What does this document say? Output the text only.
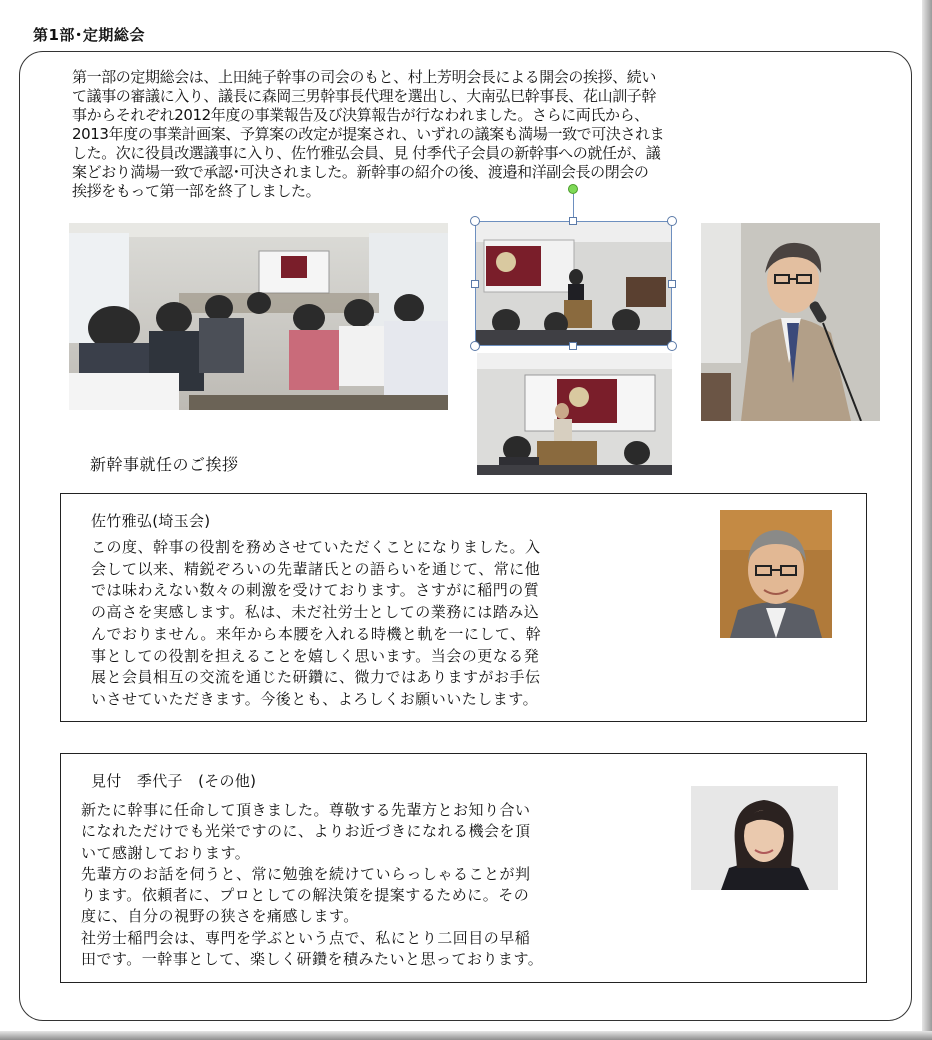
第1部･定期総会

第一部の定期総会は、上田純子幹事の司会のもと、村上芳明会長による開会の挨拶、続い

て議事の審議に入り、議長に森岡三男幹事長代理を選出し、大南弘巳幹事長、花山訓子幹

事からそれぞれ2012年度の事業報告及び決算報告が行なわれました。さらに両氏から、

2013年度の事業計画案、予算案の改定が提案され、いずれの議案も満場一致で可決されま

した。次に役員改選議事に入り、佐竹雅弘会員、見 付季代子会員の新幹事への就任が、議

案どおり満場一致で承認･可決されました。新幹事の紹介の後、渡邉和洋副会長の閉会の

挨拶をもって第一部を終了しました。

新幹事就任のご挨拶
佐竹雅弘(埼玉会)

この度、幹事の役割を務めさせていただくことになりました。入

会して以来、精鋭ぞろいの先輩諸氏との語らいを通じて、常に他

では味わえない数々の刺激を受けております。さすがに稲門の質

の高さを実感します。私は、未だ社労士としての業務には踏み込

んでおりません。来年から本腰を入れる時機と軌を一にして、幹

事としての役割を担えることを嬉しく思います。当会の更なる発

展と会員相互の交流を通じた研鑽に、微力ではありますがお手伝

いさせていただきます。今後とも、よろしくお願いいたします。

見付　季代子　(その他)

新たに幹事に任命して頂きました。尊敬する先輩方とお知り合い

になれただけでも光栄ですのに、よりお近づきになれる機会を頂

いて感謝しております。

先輩方のお話を伺うと、常に勉強を続けていらっしゃることが判

ります。依頼者に、プロとしての解決策を提案するために。その

度に、自分の視野の狭さを痛感します。

社労士稲門会は、専門を学ぶという点で、私にとり二回目の早稲

田です。一幹事として、楽しく研鑽を積みたいと思っております。
